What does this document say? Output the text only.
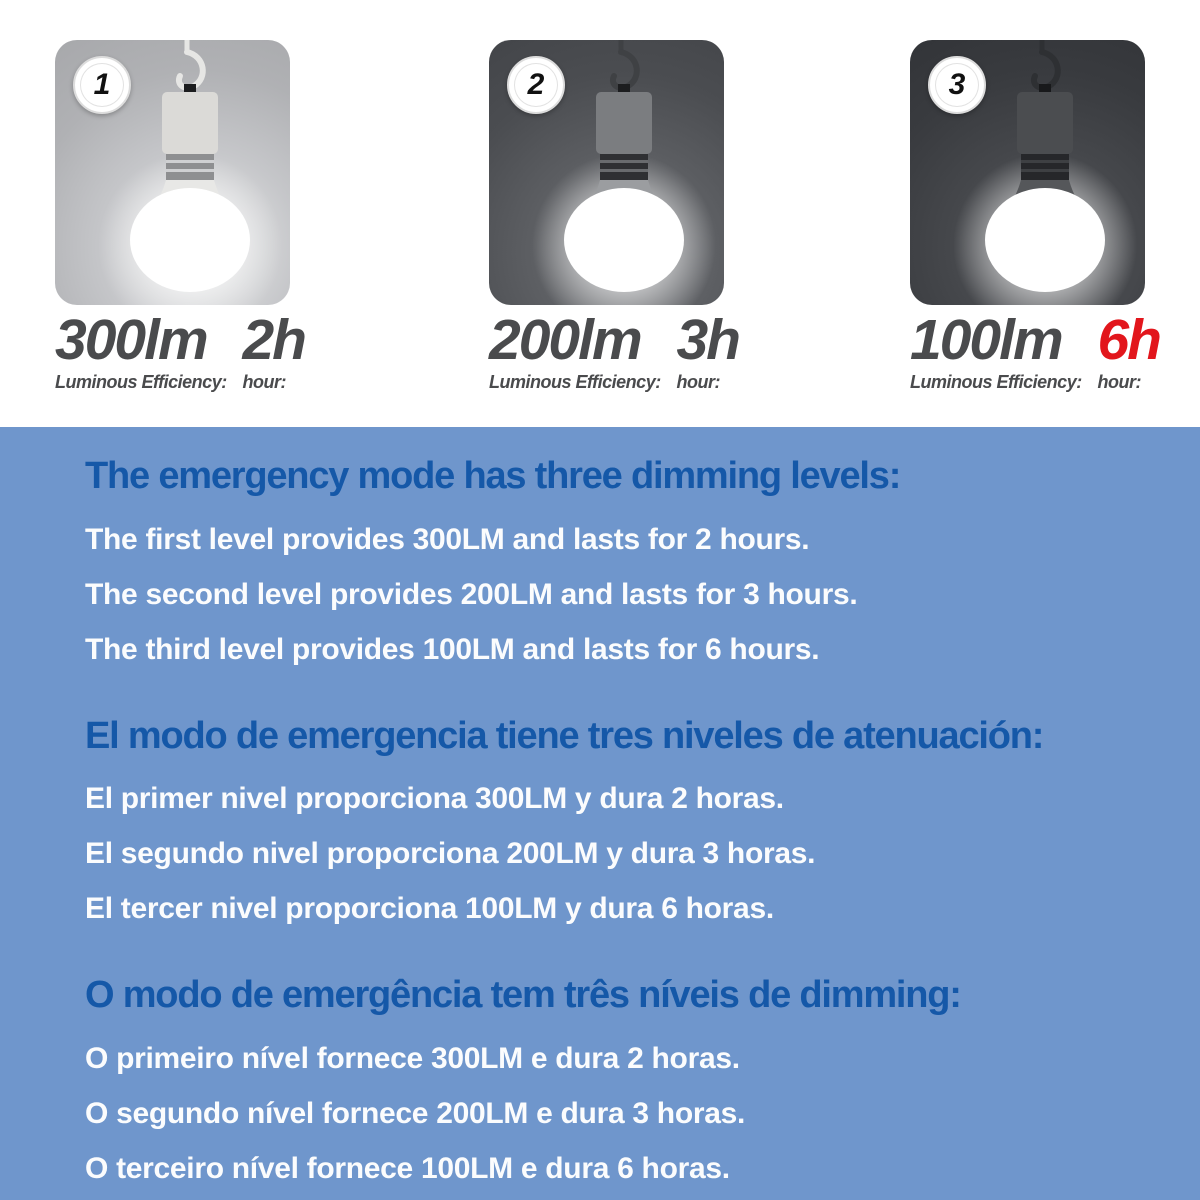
1
300lm
Luminous Efficiency:
2h
hour:
2
200lm
Luminous Efficiency:
3h
hour:
3
100lm
Luminous Efficiency:
6h
hour:
The emergency mode has three dimming levels:

The first level provides 300LM and lasts for 2 hours.

The second level provides 200LM and lasts for 3 hours.

The third level provides 100LM and lasts for 6 hours.

El modo de emergencia tiene tres niveles de atenuación:

El primer nivel proporciona 300LM y dura 2 horas.

El segundo nivel proporciona 200LM y dura 3 horas.

El tercer nivel proporciona 100LM y dura 6 horas.

O modo de emergência tem três níveis de dimming:

O primeiro nível fornece 300LM e dura 2 horas.

O segundo nível fornece 200LM e dura 3 horas.

O terceiro nível fornece 100LM e dura 6 horas.
